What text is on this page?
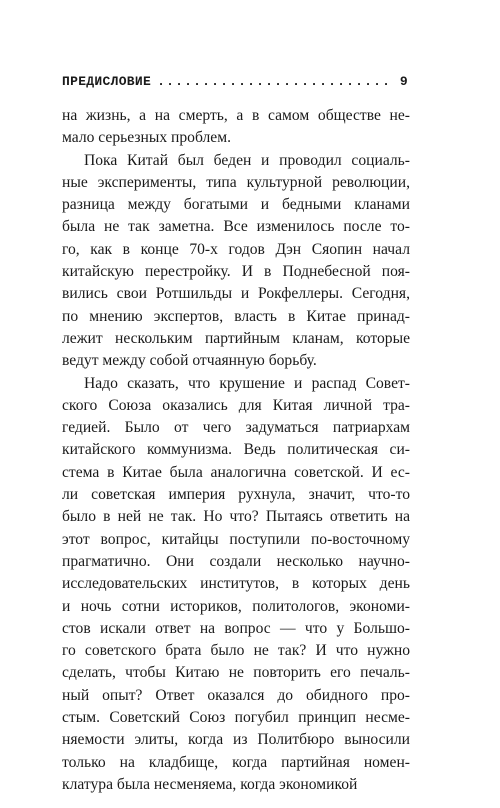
ПРЕДИСЛОВИЕ
.....	9
на жизнь, а на смерть, а в самом обществе не-
мало серьезных проблем.
Пока Китай был беден и проводил социаль-
ные эксперименты, типа культурной революции,
разница между богатыми и бедными кланами
была не так заметна. Все изменилось после то-
го, как в конце 70-х годов Дэн Сяопин начал
китайскую перестройку. И в Поднебесной поя-
вились свои Ротшильды и Рокфеллеры. Сегодня,
по мнению экспертов, власть в Китае принад-
лежит нескольким партийным кланам, которые
ведут между собой отчаянную борьбу.
Надо сказать, что крушение и распад Совет-
ского Союза оказались для Китая личной тра-
гедией. Было от чего задуматься патриархам
китайского коммунизма. Ведь политическая си-
стема в Китае была аналогична советской. И ес-
ли советская империя рухнула, значит, что-то
было в ней не так. Но что? Пытаясь ответить на
этот вопрос, китайцы поступили по-восточному
прагматично. Они создали несколько научно-
исследовательских институтов, в которых день
и ночь сотни историков, политологов, экономи-
стов искали ответ на вопрос — что у Большо-
го советского брата было не так? И что нужно
сделать, чтобы Китаю не повторить его печаль-
ный опыт? Ответ оказался до обидного про-
стым. Советский Союз погубил принцип несме-
няемости элиты, когда из Политбюро выносили
только на кладбище, когда партийная номен-
клатура была несменяема, когда экономикой
